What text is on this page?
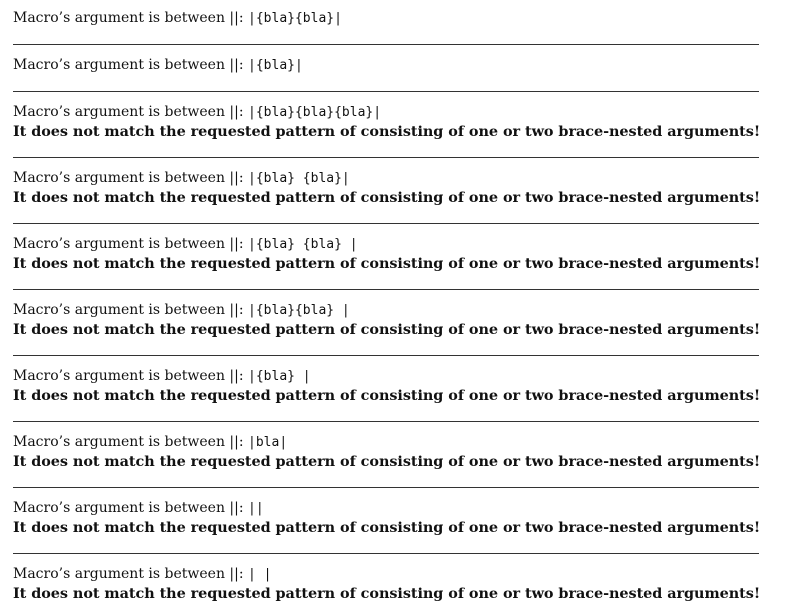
Macro’s argument is between ||: |{bla}{bla}|
Macro’s argument is between ||: |{bla}|
Macro’s argument is between ||: |{bla}{bla}{bla}|
It does not match the requested pattern of consisting of one or two brace-nested arguments!
Macro’s argument is between ||: |{bla} {bla}|
It does not match the requested pattern of consisting of one or two brace-nested arguments!
Macro’s argument is between ||: |{bla} {bla} |
It does not match the requested pattern of consisting of one or two brace-nested arguments!
Macro’s argument is between ||: |{bla}{bla} |
It does not match the requested pattern of consisting of one or two brace-nested arguments!
Macro’s argument is between ||: |{bla} |
It does not match the requested pattern of consisting of one or two brace-nested arguments!
Macro’s argument is between ||: |bla|
It does not match the requested pattern of consisting of one or two brace-nested arguments!
Macro’s argument is between ||: ||
It does not match the requested pattern of consisting of one or two brace-nested arguments!
Macro’s argument is between ||: | |
It does not match the requested pattern of consisting of one or two brace-nested arguments!
